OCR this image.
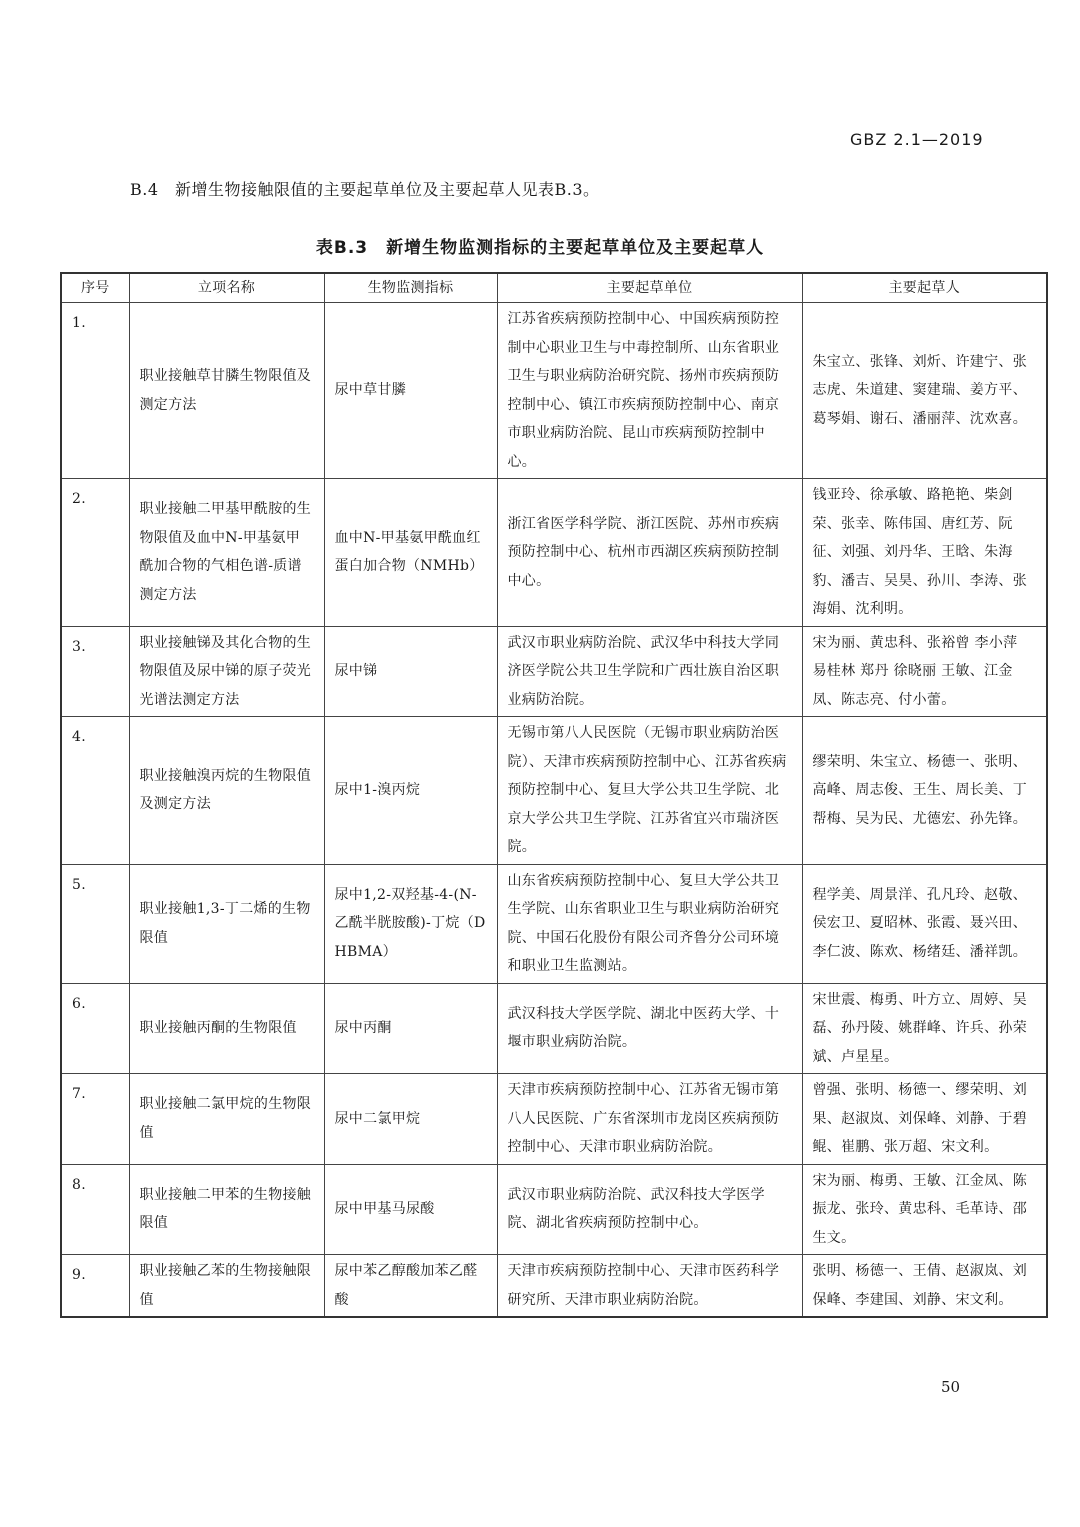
GBZ 2.1—2019
B.4　新增生物接触限值的主要起草单位及主要起草人见表B.3。
表B.3　新增生物监测指标的主要起草单位及主要起草人
序号	立项名称	生物监测指标	主要起草单位	主要起草人
1.	职业接触草甘膦生物限值及测定方法	尿中草甘膦	江苏省疾病预防控制中心、中国疾病预防控制中心职业卫生与中毒控制所、山东省职业卫生与职业病防治研究院、扬州市疾病预防控制中心、镇江市疾病预防控制中心、南京市职业病防治院、昆山市疾病预防控制中心。	朱宝立、张锋、刘炘、许建宁、张志虎、朱道建、窦建瑞、姜方平、葛琴娟、谢石、潘丽萍、沈欢喜。
2.	职业接触二甲基甲酰胺的生物限值及血中N-甲基氨甲酰加合物的气相色谱-质谱测定方法	血中N-甲基氨甲酰血红蛋白加合物（NMHb）	浙江省医学科学院、浙江医院、苏州市疾病预防控制中心、杭州市西湖区疾病预防控制中心。	钱亚玲、徐承敏、路艳艳、柴剑荣、张幸、陈伟国、唐红芳、阮征、刘强、刘丹华、王晗、朱海豹、潘吉、吴昊、孙川、李涛、张海娟、沈利明。
3.	职业接触锑及其化合物的生物限值及尿中锑的原子荧光光谱法测定方法	尿中锑	武汉市职业病防治院、武汉华中科技大学同济医学院公共卫生学院和广西壮族自治区职业病防治院。	宋为丽、黄忠科、张裕曾 李小萍 易桂林 郑丹 徐晓丽 王敏、江金凤、陈志亮、付小蕾。
4.	职业接触溴丙烷的生物限值及测定方法	尿中1-溴丙烷	无锡市第八人民医院（无锡市职业病防治医院）、天津市疾病预防控制中心、江苏省疾病预防控制中心、复旦大学公共卫生学院、北京大学公共卫生学院、江苏省宜兴市瑞济医院。	缪荣明、朱宝立、杨德一、张明、高峰、周志俊、王生、周长美、丁帮梅、吴为民、尤德宏、孙先锋。
5.	职业接触1,3-丁二烯的生物限值	尿中1,2-双羟基-4-(N-乙酰半胱胺酸)-丁烷（DHBMA）	山东省疾病预防控制中心、复旦大学公共卫生学院、山东省职业卫生与职业病防治研究院、中国石化股份有限公司齐鲁分公司环境和职业卫生监测站。	程学美、周景洋、孔凡玲、赵敬、侯宏卫、夏昭林、张霞、聂兴田、李仁波、陈欢、杨绪廷、潘祥凯。
6.	职业接触丙酮的生物限值	尿中丙酮	武汉科技大学医学院、湖北中医药大学、十堰市职业病防治院。	宋世震、梅勇、叶方立、周婷、吴磊、孙丹陵、姚群峰、许兵、孙荣斌、卢星星。
7.	职业接触二氯甲烷的生物限值	尿中二氯甲烷	天津市疾病预防控制中心、江苏省无锡市第八人民医院、广东省深圳市龙岗区疾病预防控制中心、天津市职业病防治院。	曾强、张明、杨德一、缪荣明、刘果、赵淑岚、刘保峰、刘静、于碧鲲、崔鹏、张万超、宋文利。
8.	职业接触二甲苯的生物接触限值	尿中甲基马尿酸	武汉市职业病防治院、武汉科技大学医学院、湖北省疾病预防控制中心。	宋为丽、梅勇、王敏、江金凤、陈振龙、张玲、黄忠科、毛革诗、邵生文。
9.	职业接触乙苯的生物接触限值	尿中苯乙醇酸加苯乙醛酸	天津市疾病预防控制中心、天津市医药科学研究所、天津市职业病防治院。	张明、杨德一、王倩、赵淑岚、刘保峰、李建国、刘静、宋文利。
50
